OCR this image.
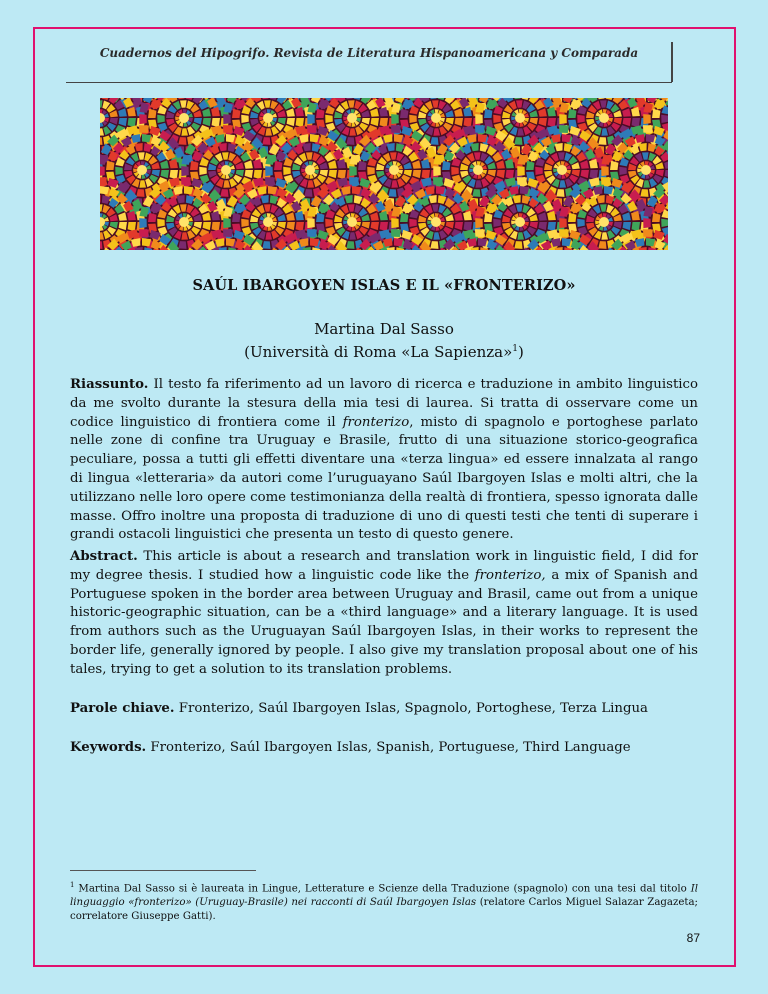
Cuadernos del Hipogrifo. Revista de Literatura Hispanoamericana y Comparada
SAÚL IBARGOYEN ISLAS E IL «FRONTERIZO»
Martina Dal Sasso
(Università di Roma «La Sapienza»$^1$)
Riassunto. Il testo fa riferimento ad un lavoro di ricerca e traduzione in ambito linguistico da me svolto durante la stesura della mia tesi di laurea. Si tratta di osservare come un codice linguistico di frontiera come il fronterizo, misto di spagnolo e portoghese parlato nelle zone di confine tra Uruguay e Brasile, frutto di una situazione storico-geografica peculiare, possa a tutti gli effetti diventare una «terza lingua» ed essere innalzata al rango di lingua «letteraria» da autori come l’uruguayano Saúl Ibargoyen Islas e molti altri, che la utilizzano nelle loro opere come testimonianza della realtà di frontiera, spesso ignorata dalle masse. Offro inoltre una proposta di traduzione di uno di questi testi che tenti di superare i grandi ostacoli linguistici che presenta un testo di questo genere.
Abstract. This article is about a research and translation work in linguistic field, I did for my degree thesis. I studied how a linguistic code like the fronterizo, a mix of Spanish and Portuguese spoken in the border area between Uruguay and Brasil, came out from a unique historic-geographic situation, can be a «third language» and a literary language. It is used from authors such as the Uruguayan Saúl Ibargoyen Islas, in their works to represent the border life, generally ignored by people. I also give my translation proposal about one of his tales, trying to get a solution to its translation problems.
Parole chiave. Fronterizo, Saúl Ibargoyen Islas, Spagnolo, Portoghese, Terza Lingua
Keywords. Fronterizo, Saúl Ibargoyen Islas, Spanish, Portuguese, Third Language
$^1$ Martina Dal Sasso si è laureata in Lingue, Letterature e Scienze della Traduzione (spagnolo) con una tesi dal titolo Il linguaggio «fronterizo» (Uruguay-Brasile) nei racconti di Saúl Ibargoyen Islas (relatore Carlos Miguel Salazar Zagazeta; correlatore Giuseppe Gatti).
87
